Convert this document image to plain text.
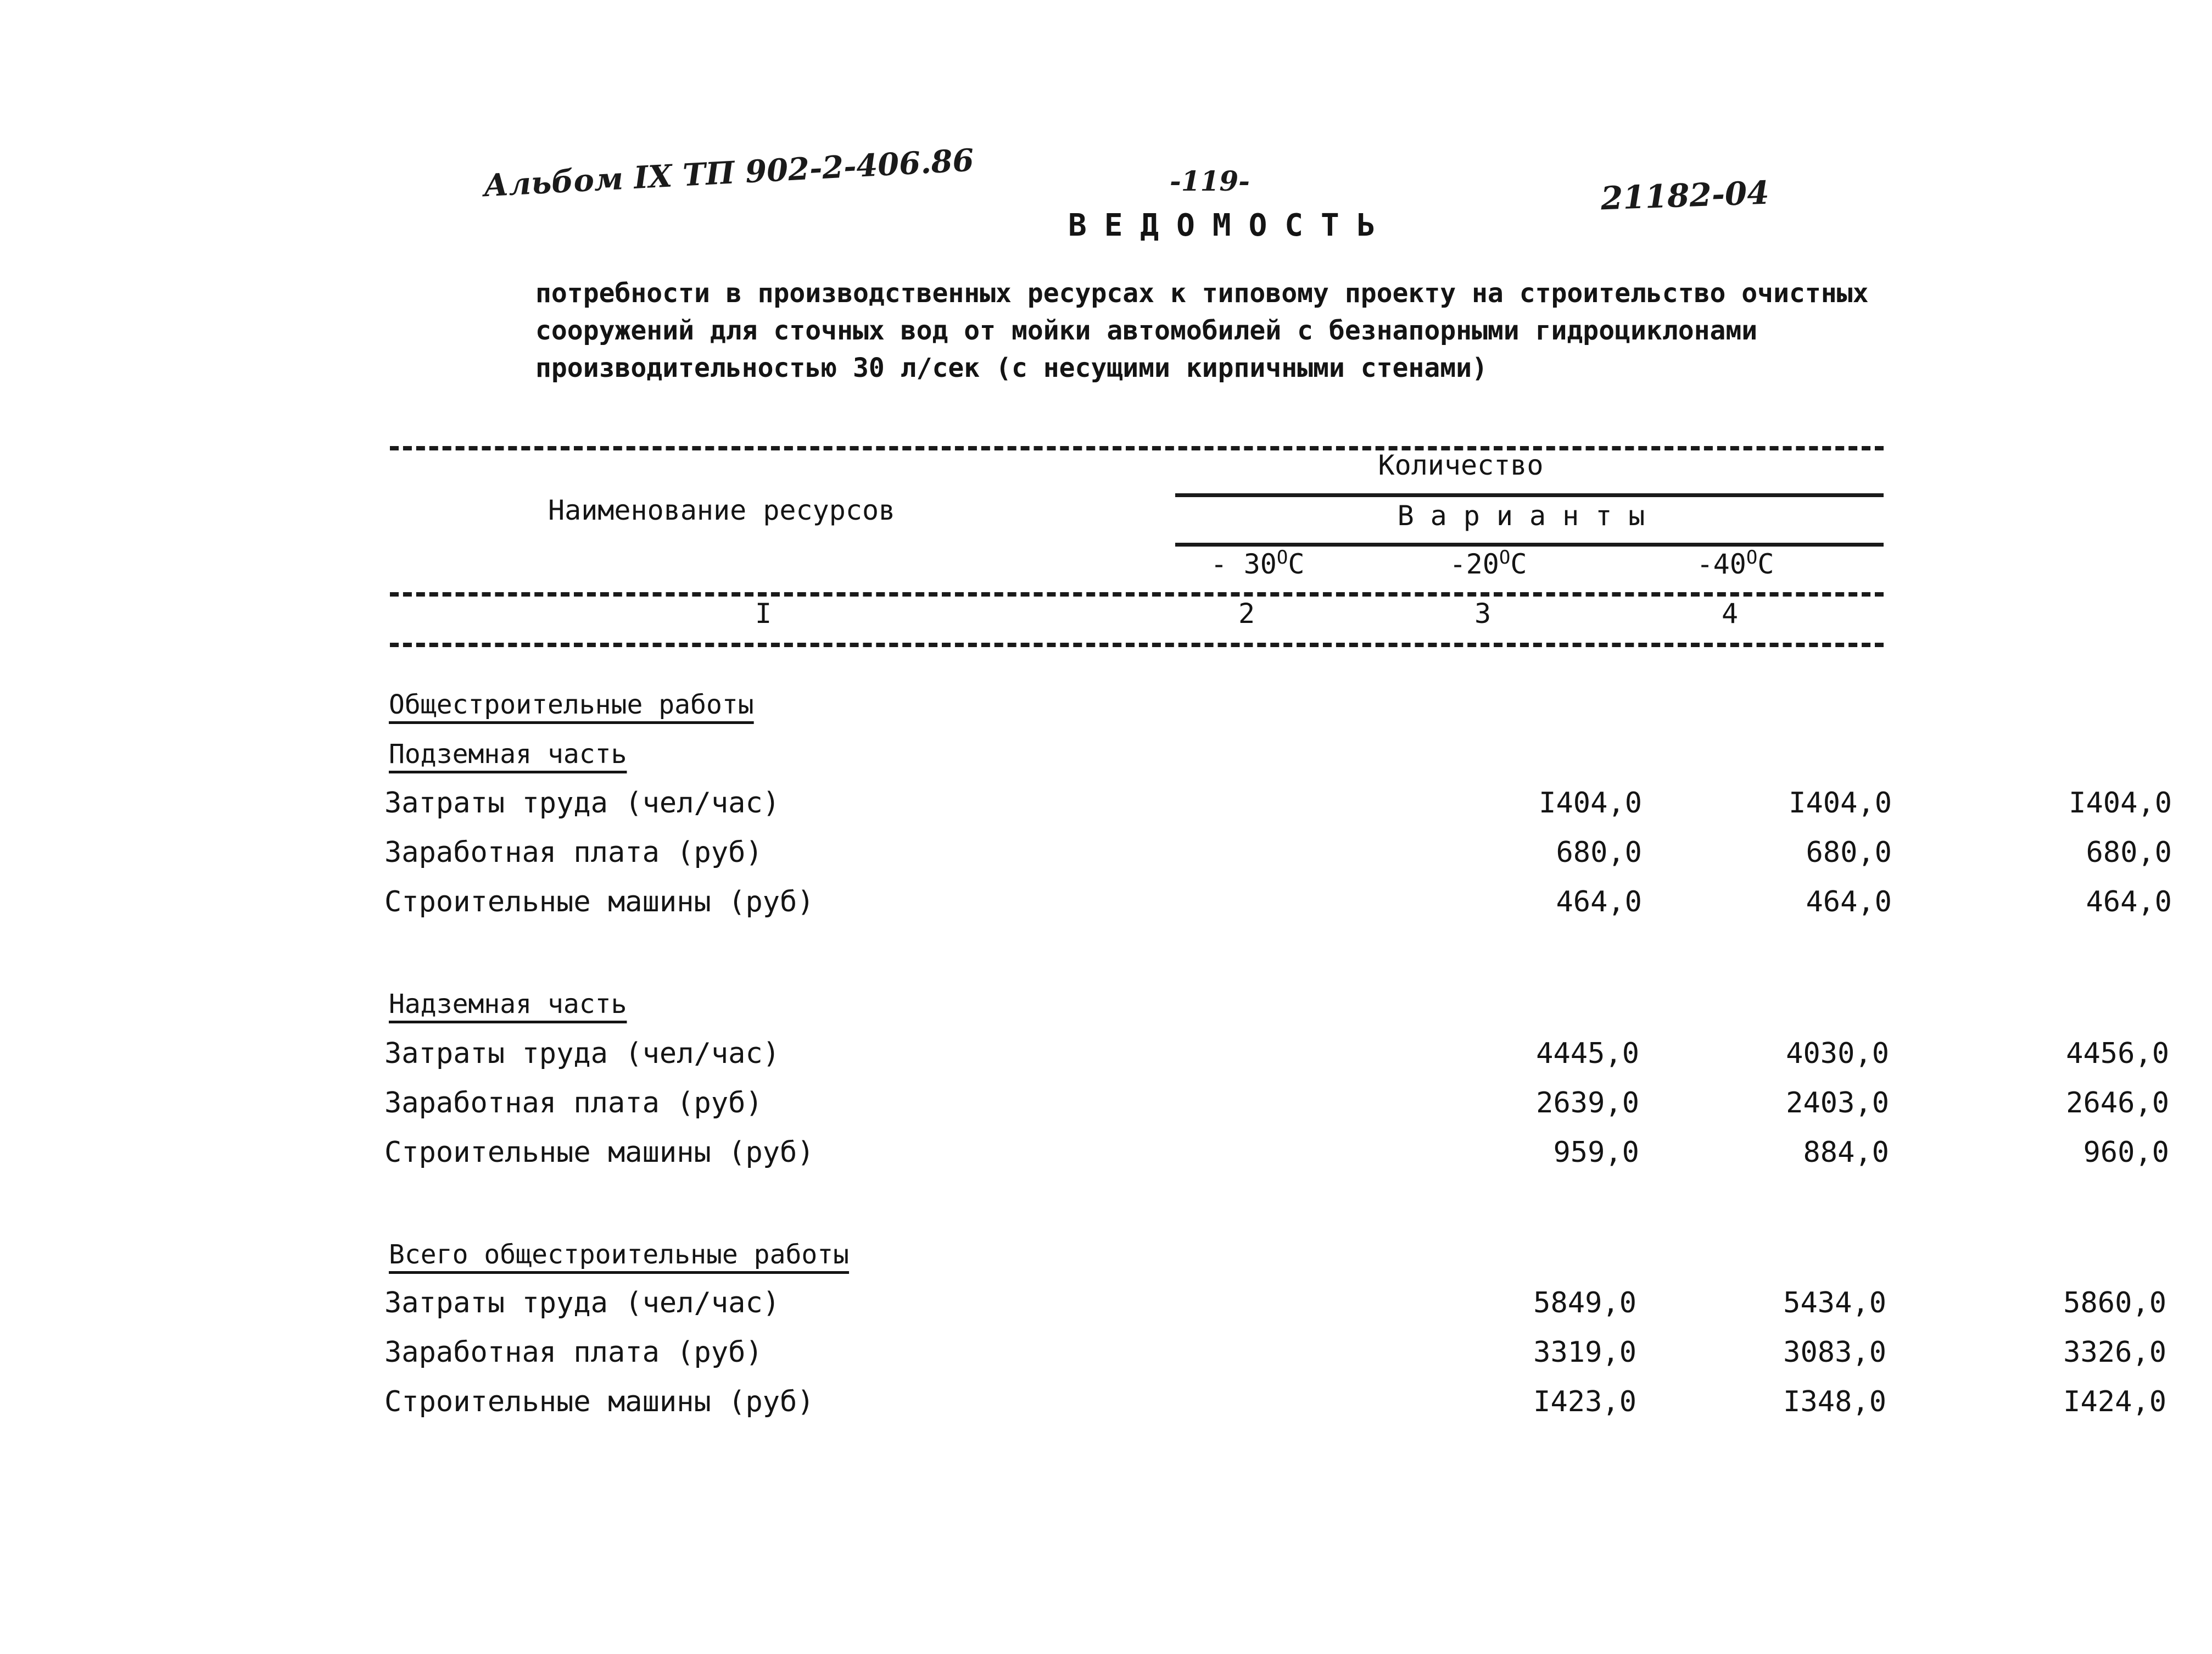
Альбом IX ТП 902-2-406.86	-119-	21182-04
ВЕДОМОСТЬ
потребности в производственных ресурсах к типовому проекту на строительство очистных
сооружений для сточных вод от мойки автомобилей с безнапорными гидроциклонами
производительностью 30 л/сек (с несущими кирпичными стенами)
Количество
Наименование ресурсов	Варианты
- $30^OC$	$-20^OC$	$-40^OC$
I	2	3	4
Общестроительные работы
Подземная часть
Затраты труда (чел/час)	I404,0	I404,0	I404,0
Заработная плата (руб)	680,0	680,0	680,0
Строительные машины (руб)	464,0	464,0	464,0
Надземная часть
Затраты труда (чел/час)	4445,0	4030,0	4456,0
Заработная плата (руб)	2639,0	2403,0	2646,0
Строительные машины (руб)	959,0	884,0	960,0
Всего общестроительные работы
Затраты труда (чел/час)	5849,0	5434,0	5860,0
Заработная плата (руб)	3319,0	3083,0	3326,0
Строительные машины (руб)	I423,0	I348,0	I424,0
